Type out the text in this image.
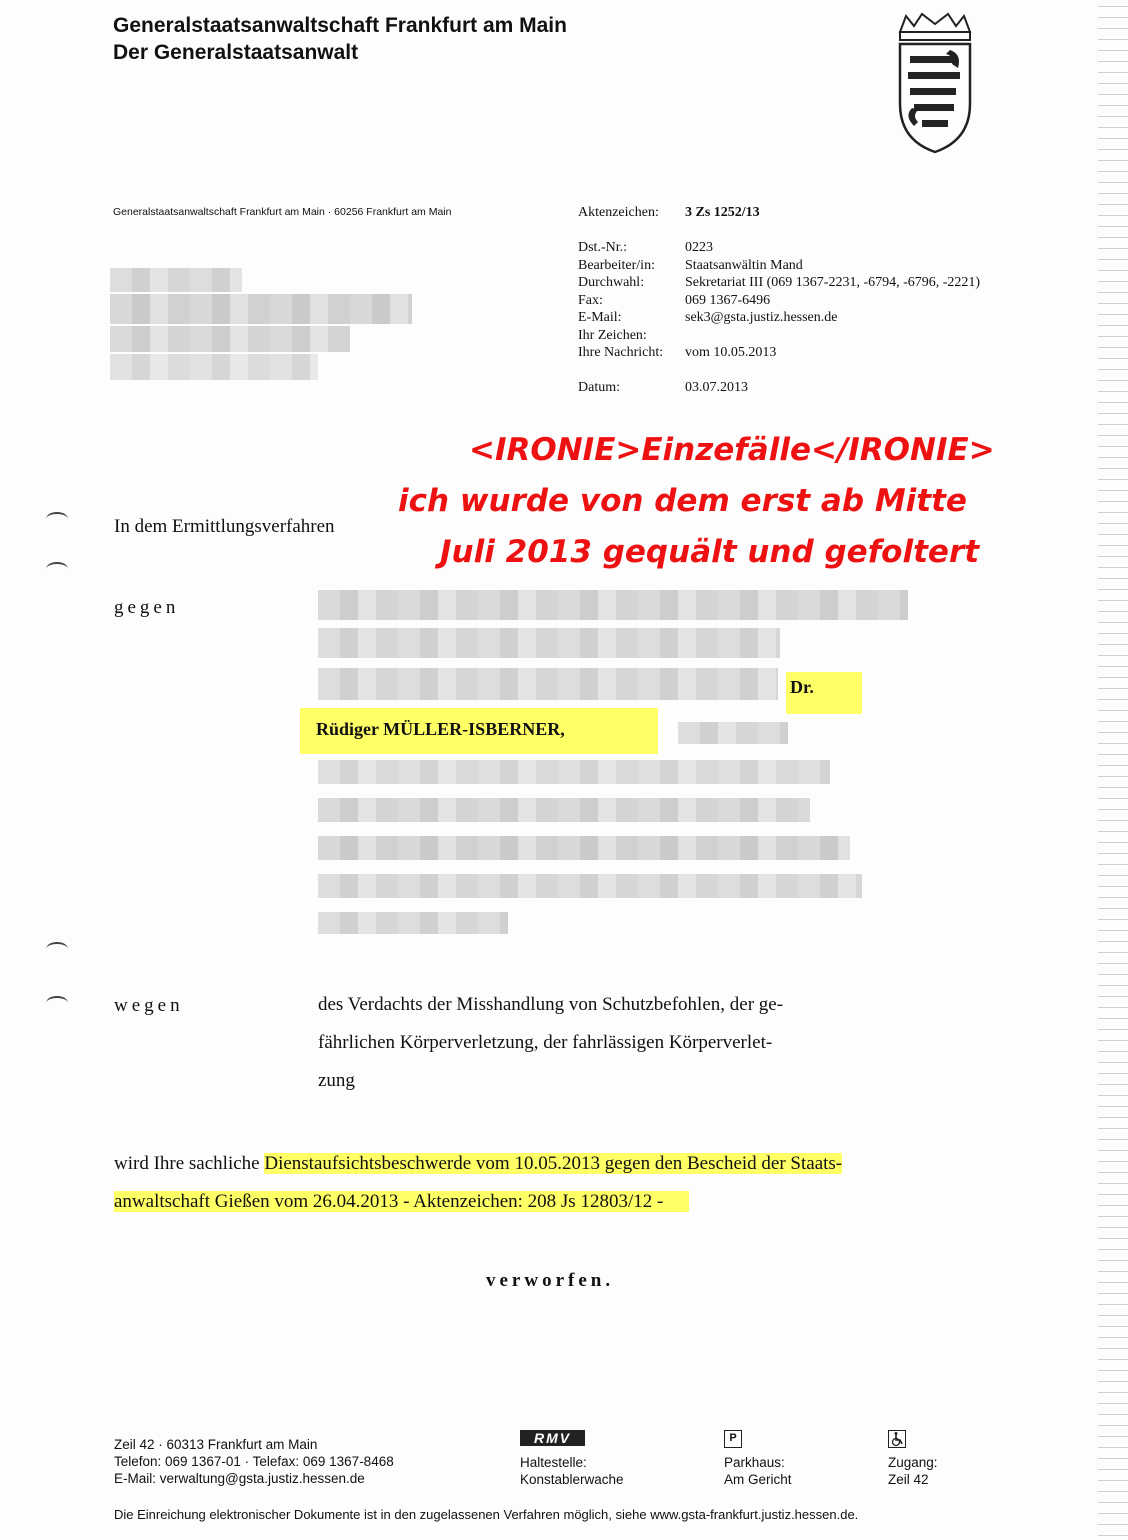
Generalstaatsanwaltschaft Frankfurt am Main
Der Generalstaatsanwalt
Generalstaatsanwaltschaft Frankfurt am Main · 60256 Frankfurt am Main	Aktenzeichen:	3 Zs 1252/13

Dst.-Nr.:	0223
Bearbeiter/in:	Staatsanwältin Mand
Durchwahl:	Sekretariat III (069 1367-2231, -6794, -6796, -2221)
Fax:	069 1367-6496
E-Mail:	sek3@gsta.justiz.hessen.de
Ihr Zeichen:	
Ihre Nachricht:	vom 10.05.2013

Datum:	03.07.2013
<IRONIE>Einzefälle</IRONIE>
ich wurde von dem erst ab Mitte
Juli 2013 gequält und gefoltert
In dem Ermittlungsverfahren
gegen
Dr.
Rüdiger MÜLLER-ISBERNER,
wegen	des Verdachts der Misshandlung von Schutzbefohlen, der ge-
fährlichen Körperverletzung, der fahrlässigen Körperverlet-
zung
wird Ihre sachliche Dienstaufsichtsbeschwerde vom 10.05.2013 gegen den Bescheid der Staats-
anwaltschaft Gießen vom 26.04.2013 - Aktenzeichen: 208 Js 12803/12 -
verworfen.
Zeil 42 · 60313 Frankfurt am Main
Telefon: 069 1367-01 · Telefax: 069 1367-8468
E-Mail: verwaltung@gsta.justiz.hessen.de
RMV
Haltestelle:
Konstablerwache
P
Parkhaus:
Am Gericht
Zugang:
Zeil 42
Die Einreichung elektronischer Dokumente ist in den zugelassenen Verfahren möglich, siehe www.gsta-frankfurt.justiz.hessen.de.
